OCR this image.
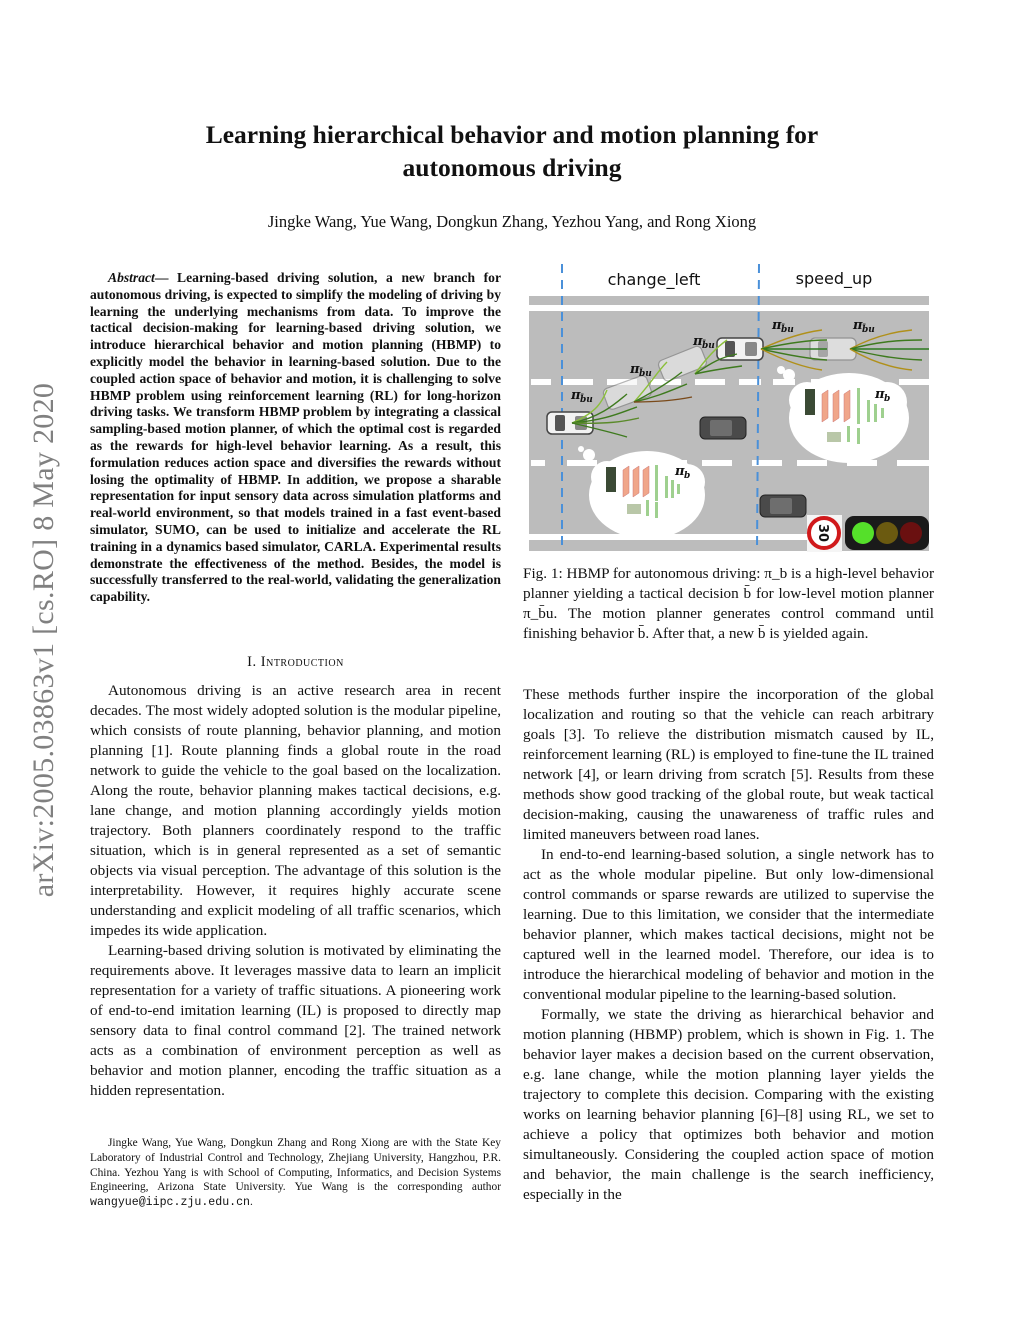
arXiv:2005.03863v1 [cs.RO] 8 May 2020
Learning hierarchical behavior and motion planning for
autonomous driving
Jingke Wang, Yue Wang, Dongkun Zhang, Yezhou Yang, and Rong Xiong

Abstract— Learning-based driving solution, a new branch for autonomous driving, is expected to simplify the modeling of driving by learning the underlying mechanisms from data. To improve the tactical decision-making for learning-based driving solution, we introduce hierarchical behavior and motion planning (HBMP) to explicitly model the behavior in learning-based solution. Due to the coupled action space of behavior and motion, it is challenging to solve HBMP problem using reinforcement learning (RL) for long-horizon driving tasks. We transform HBMP problem by integrating a classical sampling-based motion planner, of which the optimal cost is regarded as the rewards for high-level behavior learning. As a result, this formulation reduces action space and diversifies the rewards without losing the optimality of HBMP. In addition, we propose a sharable representation for input sensory data across simulation platforms and real-world environment, so that models trained in a fast event-based simulator, SUMO, can be used to initialize and accelerate the RL training in a dynamics based simulator, CARLA. Experimental results demonstrate the effectiveness of the method. Besides, the model is successfully transferred to the real-world, validating the generalization capability.

I. Introduction

Autonomous driving is an active research area in recent decades. The most widely adopted solution is the modular pipeline, which consists of route planning, behavior planning, and motion planning [1]. Route planning finds a global route in the road network to guide the vehicle to the goal based on the localization. Along the route, behavior planning makes tactical decisions, e.g. lane change, and motion planning accordingly yields motion trajectory. Both planners coordinately respond to the traffic situation, which is in general represented as a set of semantic objects via visual perception. The advantage of this solution is the interpretability. However, it requires highly accurate scene understanding and explicit modeling of all traffic scenarios, which impedes its wide application.

Learning-based driving solution is motivated by eliminating the requirements above. It leverages massive data to learn an implicit representation for a variety of traffic situations. A pioneering work of end-to-end imitation learning (IL) is proposed to directly map sensory data to final control command [2]. The trained network acts as a combination of environment perception as well as behavior and motion planner, encoding the traffic situation as a hidden representation.

Jingke Wang, Yue Wang, Dongkun Zhang and Rong Xiong are with the State Key Laboratory of Industrial Control and Technology, Zhejiang University, Hangzhou, P.R. China. Yezhou Yang is with School of Computing, Informatics, and Decision Systems Engineering, Arizona State University. Yue Wang is the corresponding author wangyue@iipc.zju.edu.cn.

change_left	speed_up
π b̄u
π b̄u
π b̄u
π b̄u	π b̄u
π b
π b
30

Fig. 1: HBMP for autonomous driving: π_b is a high-level behavior planner yielding a tactical decision b̄ for low-level motion planner π_b̄u. The motion planner generates control command until finishing behavior b̄. After that, a new b̄ is yielded again.

These methods further inspire the incorporation of the global localization and routing so that the vehicle can reach arbitrary goals [3]. To relieve the distribution mismatch caused by IL, reinforcement learning (RL) is employed to fine-tune the IL trained network [4], or learn driving from scratch [5]. Results from these methods show good tracking of the global route, but weak tactical decision-making, causing the unawareness of traffic rules and limited maneuvers between road lanes.

In end-to-end learning-based solution, a single network has to act as the whole modular pipeline. But only low-dimensional control commands or sparse rewards are utilized to supervise the learning. Due to this limitation, we consider that the intermediate behavior planner, which makes tactical decisions, might not be captured well in the learned model. Therefore, our idea is to introduce the hierarchical modeling of behavior and motion in the conventional modular pipeline to the learning-based solution.

Formally, we state the driving as hierarchical behavior and motion planning (HBMP) problem, which is shown in Fig. 1. The behavior layer makes a decision based on the current observation, e.g. lane change, while the motion planning layer yields the trajectory to complete this decision. Comparing with the existing works on learning behavior planning [6]–[8] using RL, we set to achieve a policy that optimizes both behavior and motion simultaneously. Considering the coupled action space of motion and behavior, the main challenge is the search inefficiency, especially in the
